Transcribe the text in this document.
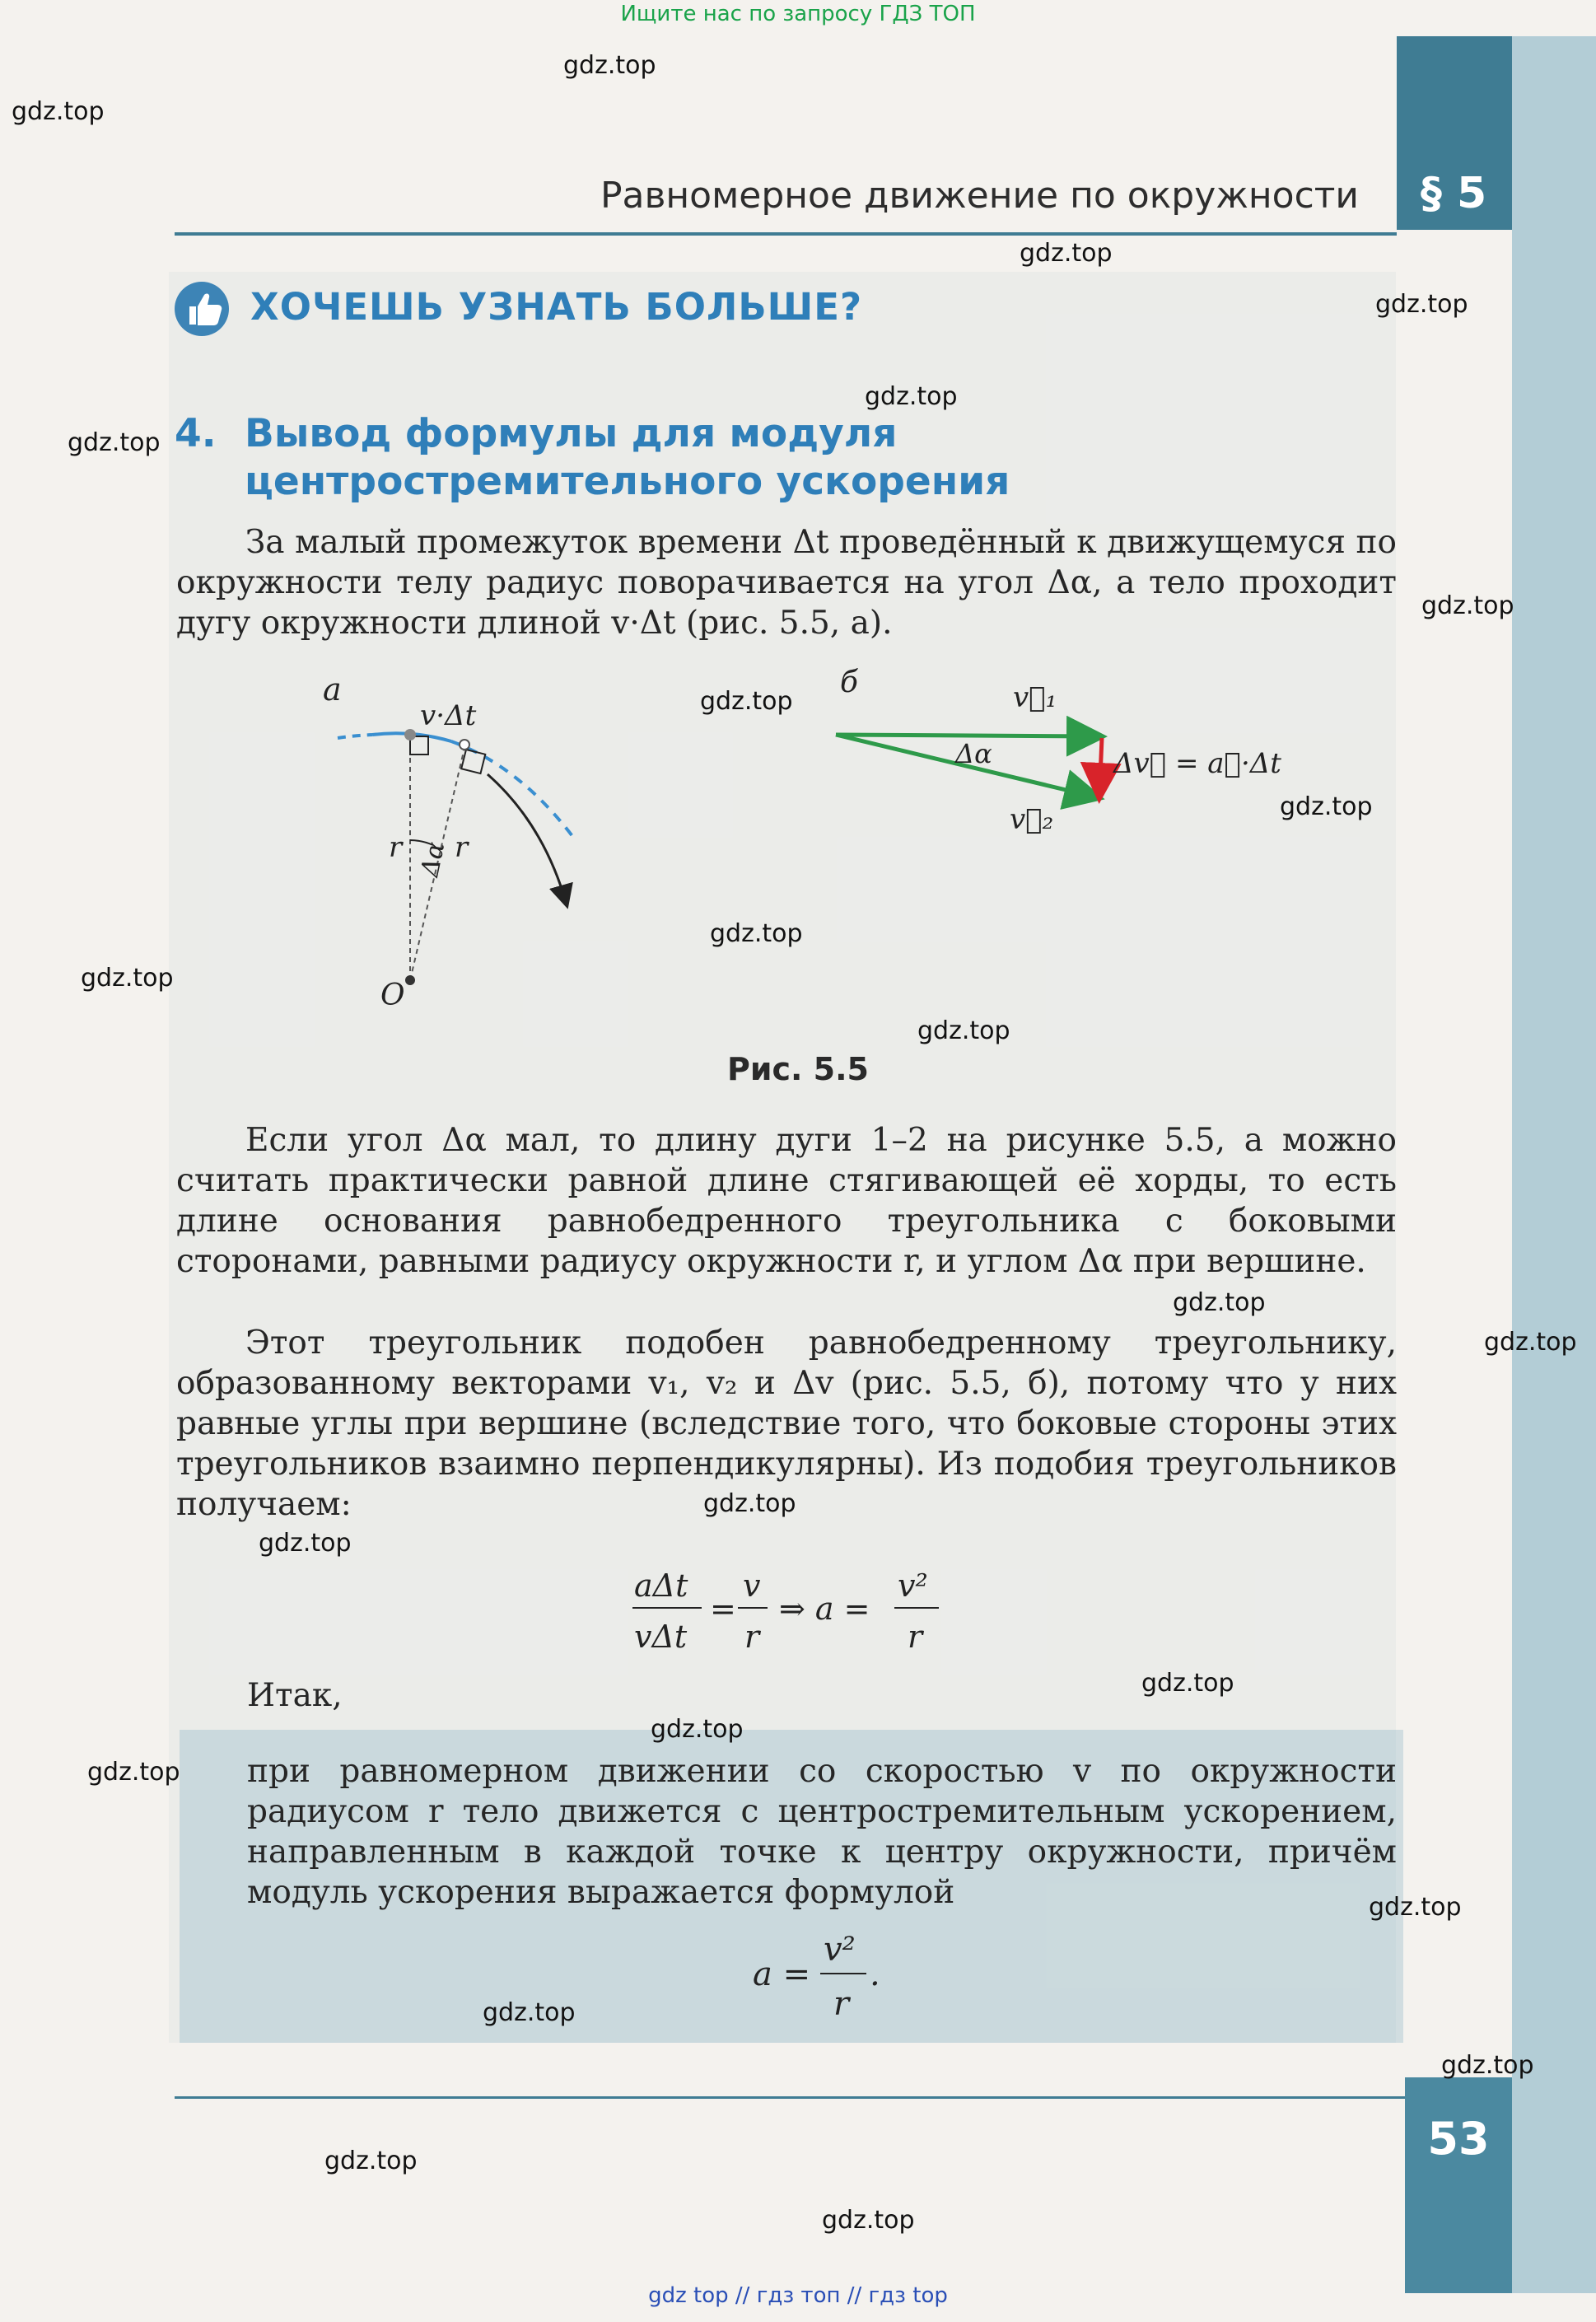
Ищите нас по запросу ГДЗ ТОП
§ 5
Равномерное движение по окружности
ХОЧЕШЬ УЗНАТЬ БОЛЬШЕ?
4. Вывод формулы для модуля
центростремительного ускорения
За малый промежуток времени Δt проведённый к движущемуся по окружности телу радиус поворачивается на угол Δα, а тело проходит дугу окружности длиной v·Δt (рис. 5.5, а).
а
v·Δt
r r
Δα
O
б	v⃗₁
v⃗₂
Δv⃗ = a⃗·Δt
Δα
Рис. 5.5
Если угол Δα мал, то длину дуги 1–2 на рисунке 5.5, а можно считать практически равной длине стягивающей её хорды, то есть длине основания равнобедренного треугольника с боковыми сторонами, равными радиусу окружности r, и углом Δα при вершине.
Этот треугольник подобен равнобедренному треугольнику, образованному векторами v₁, v₂ и Δv (рис. 5.5, б), потому что у них равные углы при вершине (вследствие того, что боковые стороны этих треугольников взаимно перпендикулярны). Из подобия треугольников получаем:
aΔt
vΔt
=
v
r
⇒ a =
v²
r
Итак,
при равномерном движении со скоростью v по окружности радиусом r тело движется с центростремительным ускорением, направленным в каждой точке к центру окружности, причём модуль ускорения выражается формулой
a =
v²
r
.
53
gdz.top
gdz.top
gdz.top
gdz.top
gdz.top
gdz.top
gdz.top
gdz.top
gdz.top
gdz.top
gdz.top
gdz.top
gdz.top
gdz.top
gdz.top
gdz.top
gdz.top
gdz.top
gdz.top
gdz.top
gdz.top
gdz.top
gdz.top
gdz.top
gdz top // гдз топ // гдз top
